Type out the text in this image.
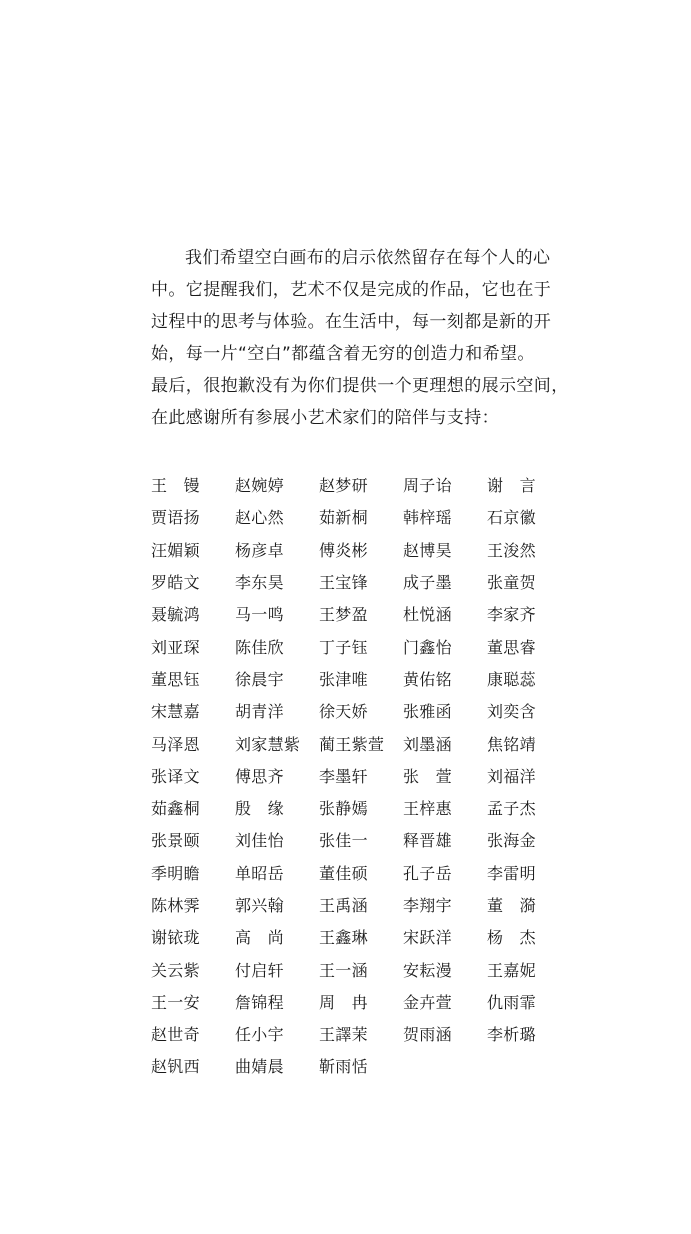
我们希望空白画布的启示依然留存在每个人的心
中。它提醒我们，艺术不仅是完成的作品，它也在于
过程中的思考与体验。在生活中，每一刻都是新的开
始，每一片“空白”都蕴含着无穷的创造力和希望。
最后，很抱歉没有为你们提供一个更理想的展示空间，
在此感谢所有参展小艺术家们的陪伴与支持：
王　镘	赵婉婷	赵梦研	周子诒	谢　言
贾语扬	赵心然	茹新桐	韩梓瑶	石京徽
汪媚颖	杨彦卓	傅炎彬	赵博昊	王浚然
罗皓文	李东昊	王宝锋	成子墨	张童贺
聂毓鸿	马一鸣	王梦盈	杜悦涵	李家齐
刘亚琛	陈佳欣	丁子钰	门鑫怡	董思睿
董思钰	徐晨宇	张津唯	黄佑铭	康聪蕊
宋慧嘉	胡青洋	徐天娇	张雅函	刘奕含
马泽恩	刘家慧紫	蔺王紫萱	刘墨涵	焦铭靖
张译文	傅思齐	李墨轩	张　萱	刘福洋
茹鑫桐	殷　缘	张静嫣	王梓惠	孟子杰
张景颐	刘佳怡	张佳一	释晋雄	张海金
季明瞻	单昭岳	董佳硕	孔子岳	李雷明
陈林霁	郭兴翰	王禹涵	李翔宇	董　漪
谢铱珑	高　尚	王鑫琳	宋跃洋	杨　杰
关云紫	付启轩	王一涵	安耘漫	王嘉妮
王一安	詹锦程	周　冉	金卉萱	仇雨霏
赵世奇	任小宇	王譯茉	贺雨涵	李析璐
赵钒西	曲婧晨	靳雨恬
